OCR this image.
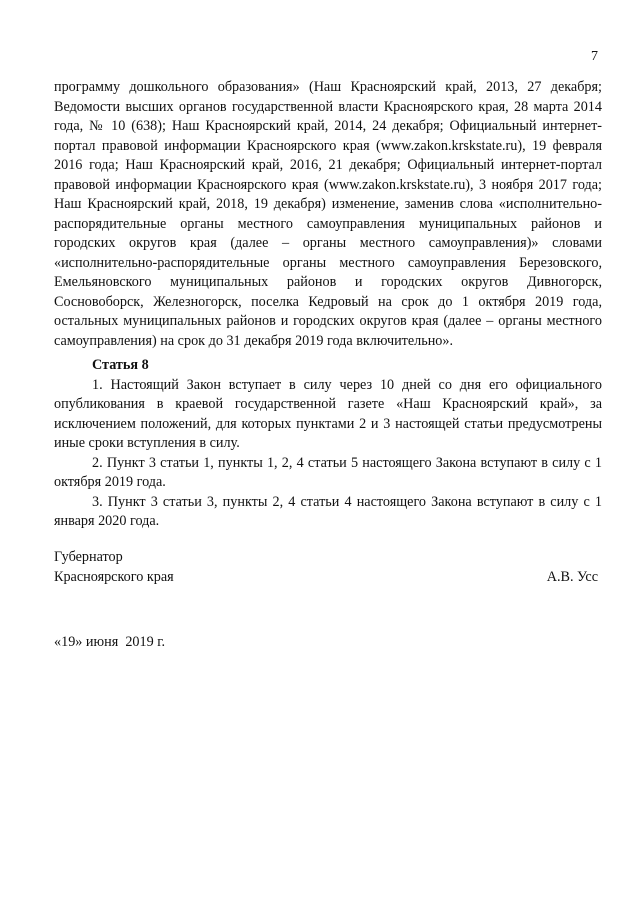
7

программу дошкольного образования» (Наш Красноярский край, 2013, 27 декабря; Ведомости высших органов государственной власти Красноярского края, 28 марта 2014 года, № 10 (638); Наш Красноярский край, 2014, 24 декабря; Официальный интернет-портал правовой информации Красноярского края (www.zakon.krskstate.ru), 19 февраля 2016 года; Наш Красноярский край, 2016, 21 декабря; Официальный интернет-портал правовой информации Красноярского края (www.zakon.krskstate.ru), 3 ноября 2017 года; Наш Красноярский край, 2018, 19 декабря) изменение, заменив слова «исполнительно-распорядительные органы местного самоуправления муниципальных районов и городских округов края (далее – органы местного самоуправления)» словами «исполнительно-распорядительные органы местного самоуправления Березовского, Емельяновского муниципальных районов и городских округов Дивногорск, Сосновоборск, Железногорск, поселка Кедровый на срок до 1 октября 2019 года, остальных муниципальных районов и городских округов края (далее – органы местного самоуправления) на срок до 31 декабря 2019 года включительно».

Статья 8

1. Настоящий Закон вступает в силу через 10 дней со дня его официального опубликования в краевой государственной газете «Наш Красноярский край», за исключением положений, для которых пунктами 2 и 3 настоящей статьи предусмотрены иные сроки вступления в силу.

2. Пункт 3 статьи 1, пункты 1, 2, 4 статьи 5 настоящего Закона вступают в силу с 1 октября 2019 года.

3. Пункт 3 статьи 3, пункты 2, 4 статьи 4 настоящего Закона вступают в силу с 1 января 2020 года.

Губернатор
Красноярского края	А.В. Усс
«19» июня  2019 г.
